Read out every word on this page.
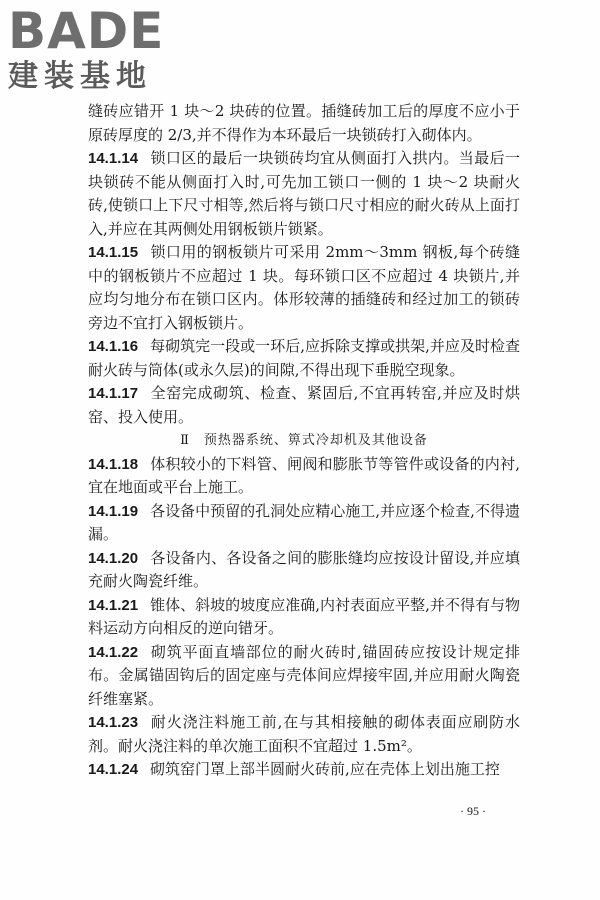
BADE
建装基地

缝砖应错开 1 块～2 块砖的位置。插缝砖加工后的厚度不应小于原砖厚度的 2/3,并不得作为本环最后一块锁砖打入砌体内。

14.1.14 锁口区的最后一块锁砖均宜从侧面打入拱内。当最后一块锁砖不能从侧面打入时,可先加工锁口一侧的 1 块～2 块耐火砖,使锁口上下尺寸相等,然后将与锁口尺寸相应的耐火砖从上面打入,并应在其两侧处用钢板锁片锁紧。

14.1.15 锁口用的钢板锁片可采用 2mm～3mm 钢板,每个砖缝中的钢板锁片不应超过 1 块。每环锁口区不应超过 4 块锁片,并应均匀地分布在锁口区内。体形较薄的插缝砖和经过加工的锁砖旁边不宜打入钢板锁片。

14.1.16 每砌筑完一段或一环后,应拆除支撑或拱架,并应及时检查耐火砖与筒体(或永久层)的间隙,不得出现下垂脱空现象。

14.1.17 全窑完成砌筑、检查、紧固后,不宜再转窑,并应及时烘窑、投入使用。

Ⅱ 预热器系统、箅式冷却机及其他设备

14.1.18 体积较小的下料管、闸阀和膨胀节等管件或设备的内衬,宜在地面或平台上施工。

14.1.19 各设备中预留的孔洞处应精心施工,并应逐个检查,不得遗漏。

14.1.20 各设备内、各设备之间的膨胀缝均应按设计留设,并应填充耐火陶瓷纤维。

14.1.21 锥体、斜坡的坡度应准确,内衬表面应平整,并不得有与物料运动方向相反的逆向错牙。

14.1.22 砌筑平面直墙部位的耐火砖时,锚固砖应按设计规定排布。金属锚固钩后的固定座与壳体间应焊接牢固,并应用耐火陶瓷纤维塞紧。

14.1.23 耐火浇注料施工前,在与其相接触的砌体表面应刷防水剂。耐火浇注料的单次施工面积不宜超过 1.5m²。

14.1.24 砌筑窑门罩上部半圆耐火砖前,应在壳体上划出施工控

· 95 ·
